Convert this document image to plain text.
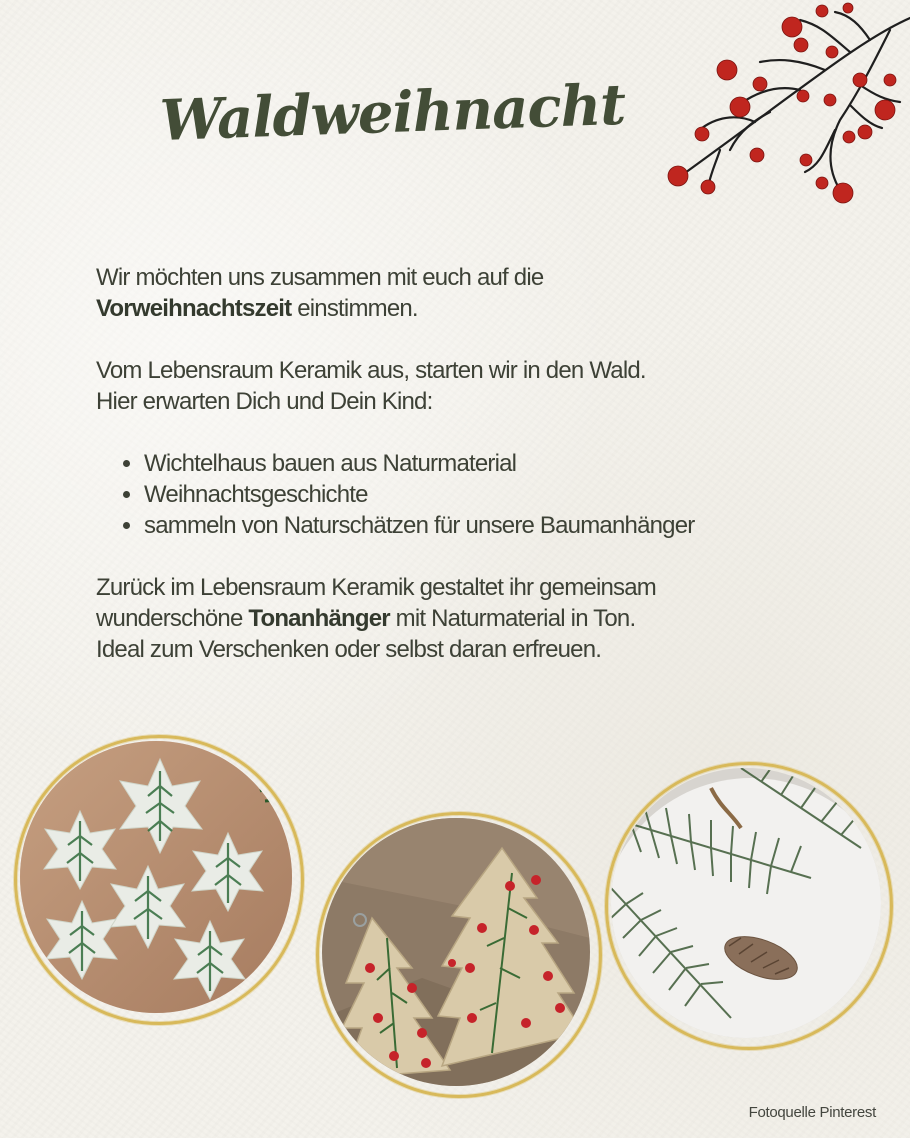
Waldweihnacht

Wir möchten uns zusammen mit euch auf die
Vorweihnachtszeit einstimmen.

Vom Lebensraum Keramik aus, starten wir in den Wald.
Hier erwarten Dich und Dein Kind:

• Wichtelhaus bauen aus Naturmaterial
• Weihnachtsgeschichte
• sammeln von Naturschätzen für unsere Baumanhänger

Zurück im Lebensraum Keramik gestaltet ihr gemeinsam
wunderschöne Tonanhänger mit Naturmaterial in Ton.
Ideal zum Verschenken oder selbst daran erfreuen.

Fotoquelle Pinterest
